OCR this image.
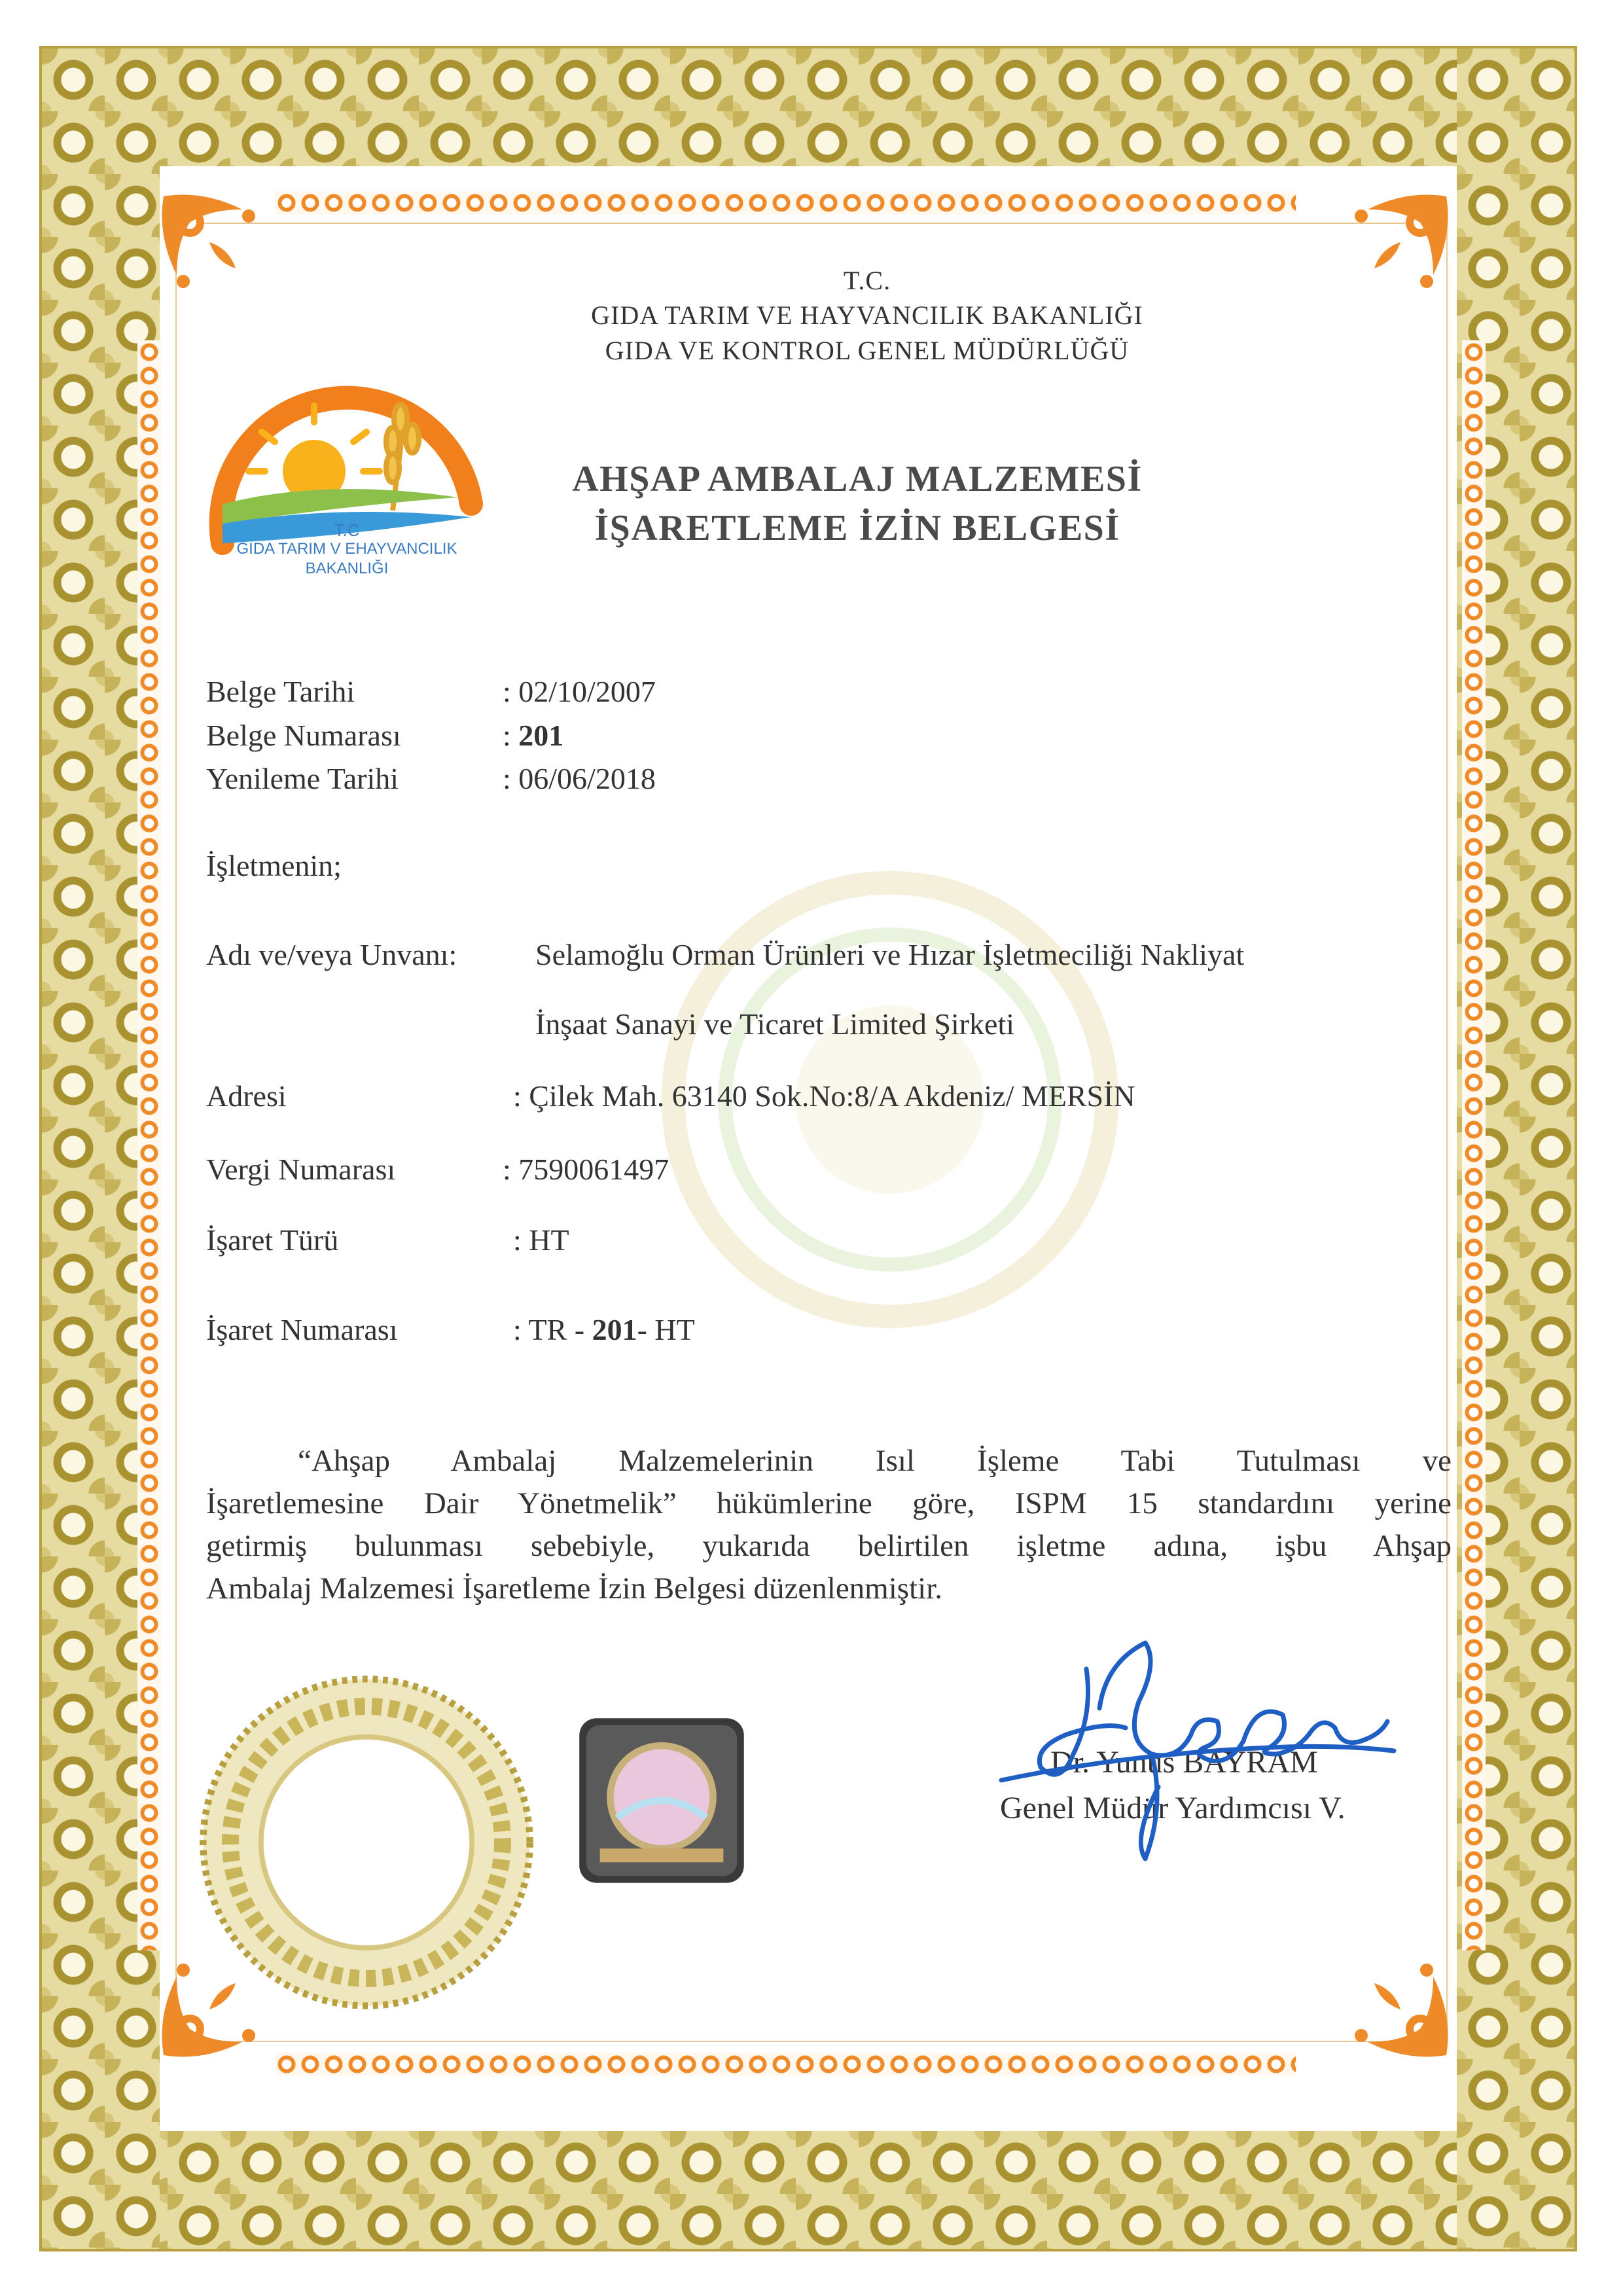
T.C
GIDA TARIM V EHAYVANCILIK
BAKANLIĞI
T.C.
GIDA TARIM VE HAYVANCILIK BAKANLIĞI
GIDA VE KONTROL GENEL MÜDÜRLÜĞÜ
AHŞAP AMBALAJ MALZEMESİ
İŞARETLEME İZİN BELGESİ
Belge Tarihi	: 02/10/2007
Belge Numarası	: 201
Yenileme Tarihi	: 06/06/2018
İşletmenin;
Adı ve/veya Unvanı:	Selamoğlu Orman Ürünleri ve Hızar İşletmeciliği Nakliyat
İnşaat Sanayi ve Ticaret Limited Şirketi
Adresi	: Çilek Mah. 63140 Sok.No:8/A Akdeniz/ MERSİN
Vergi Numarası	: 7590061497
İşaret Türü	: HT
İşaret Numarası	: TR - 201- HT
“Ahşap Ambalaj Malzemelerinin Isıl İşleme Tabi Tutulması ve
İşaretlemesine Dair Yönetmelik” hükümlerine göre, ISPM 15 standardını yerine
getirmiş bulunması sebebiyle, yukarıda belirtilen işletme adına, işbu Ahşap
Ambalaj Malzemesi İşaretleme İzin Belgesi düzenlenmiştir.
Dr. Yunus BAYRAM
Genel Müdür Yardımcısı V.
